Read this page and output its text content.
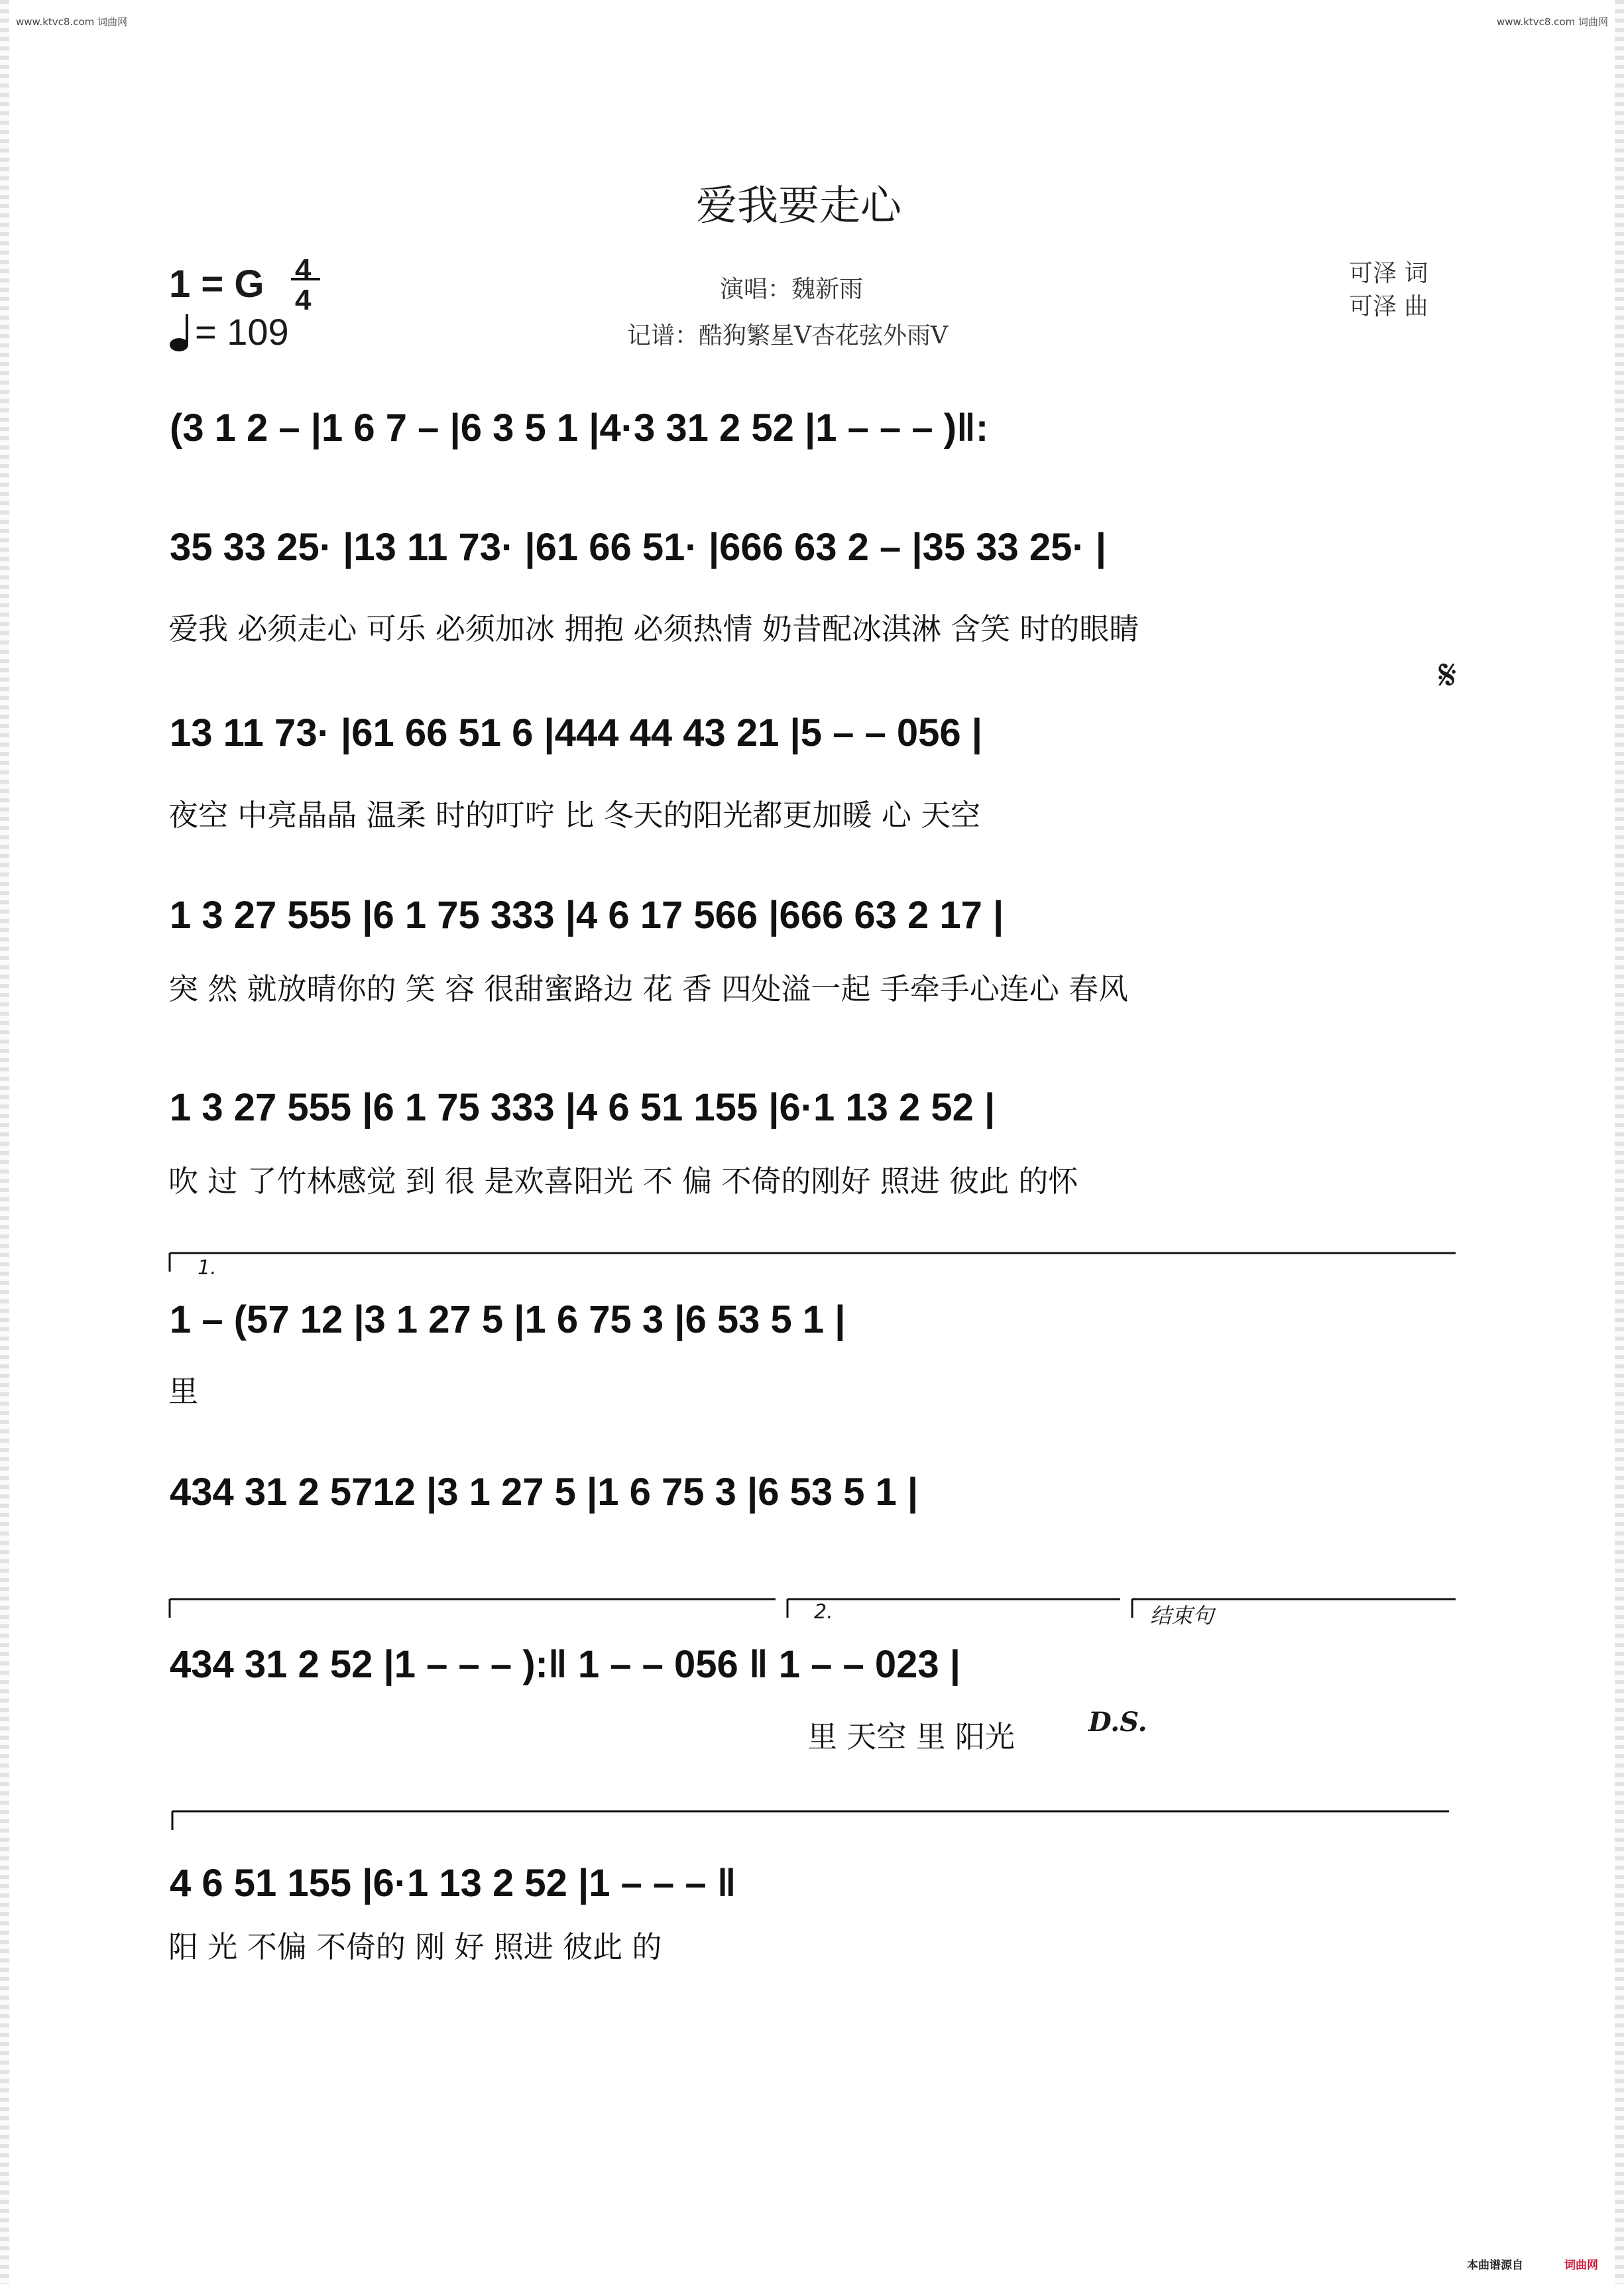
www.ktvc8.com 词曲网	www.ktvc8.com 词曲网
本曲谱源自	词曲网
爱我要走心
1 = G 4
4
= 109
演唱：魏新雨
记谱：酷狗繁星V杏花弦外雨V
可泽 词
可泽 曲
(3 1 2 – |1 6 7 – |6 3 5 1 |4·3 31 2 52 |1 – – – )‖:
35 33 25· |13 11 73· |61 66 51· |666 63 2 – |35 33 25· |
13 11 73· |61 66 51 6 |444 44 43 21 |5 – – 056 |
1 3 27 555 |6 1 75 333 |4 6 17 566 |666 63 2 17 |
1 3 27 555 |6 1 75 333 |4 6 51 155 |6·1 13 2 52 |
1 – (57 12 |3 1 27 5 |1 6 75 3 |6 53 5 1 |
434 31 2 5712 |3 1 27 5 |1 6 75 3 |6 53 5 1 |
434 31 2 52 |1 – – – ):‖ 1 – – 056 ‖ 1 – – 023 |
4 6 51 155 |6·1 13 2 52 |1 – – – ‖
𝄋
1.
2.	结束句
D.S.
爱我 必须走心 可乐 必须加冰 拥抱 必须热情 奶昔配冰淇淋 含笑 时的眼睛
夜空 中亮晶晶 温柔 时的叮咛 比 冬天的阳光都更加暖 心 天空
突 然 就放晴你的 笑 容 很甜蜜路边 花 香 四处溢一起 手牵手心连心 春风
吹 过 了竹林感觉 到 很 是欢喜阳光 不 偏 不倚的刚好 照进 彼此 的怀
里
里 天空 里 阳光
阳 光 不偏 不倚的 刚 好 照进 彼此 的
